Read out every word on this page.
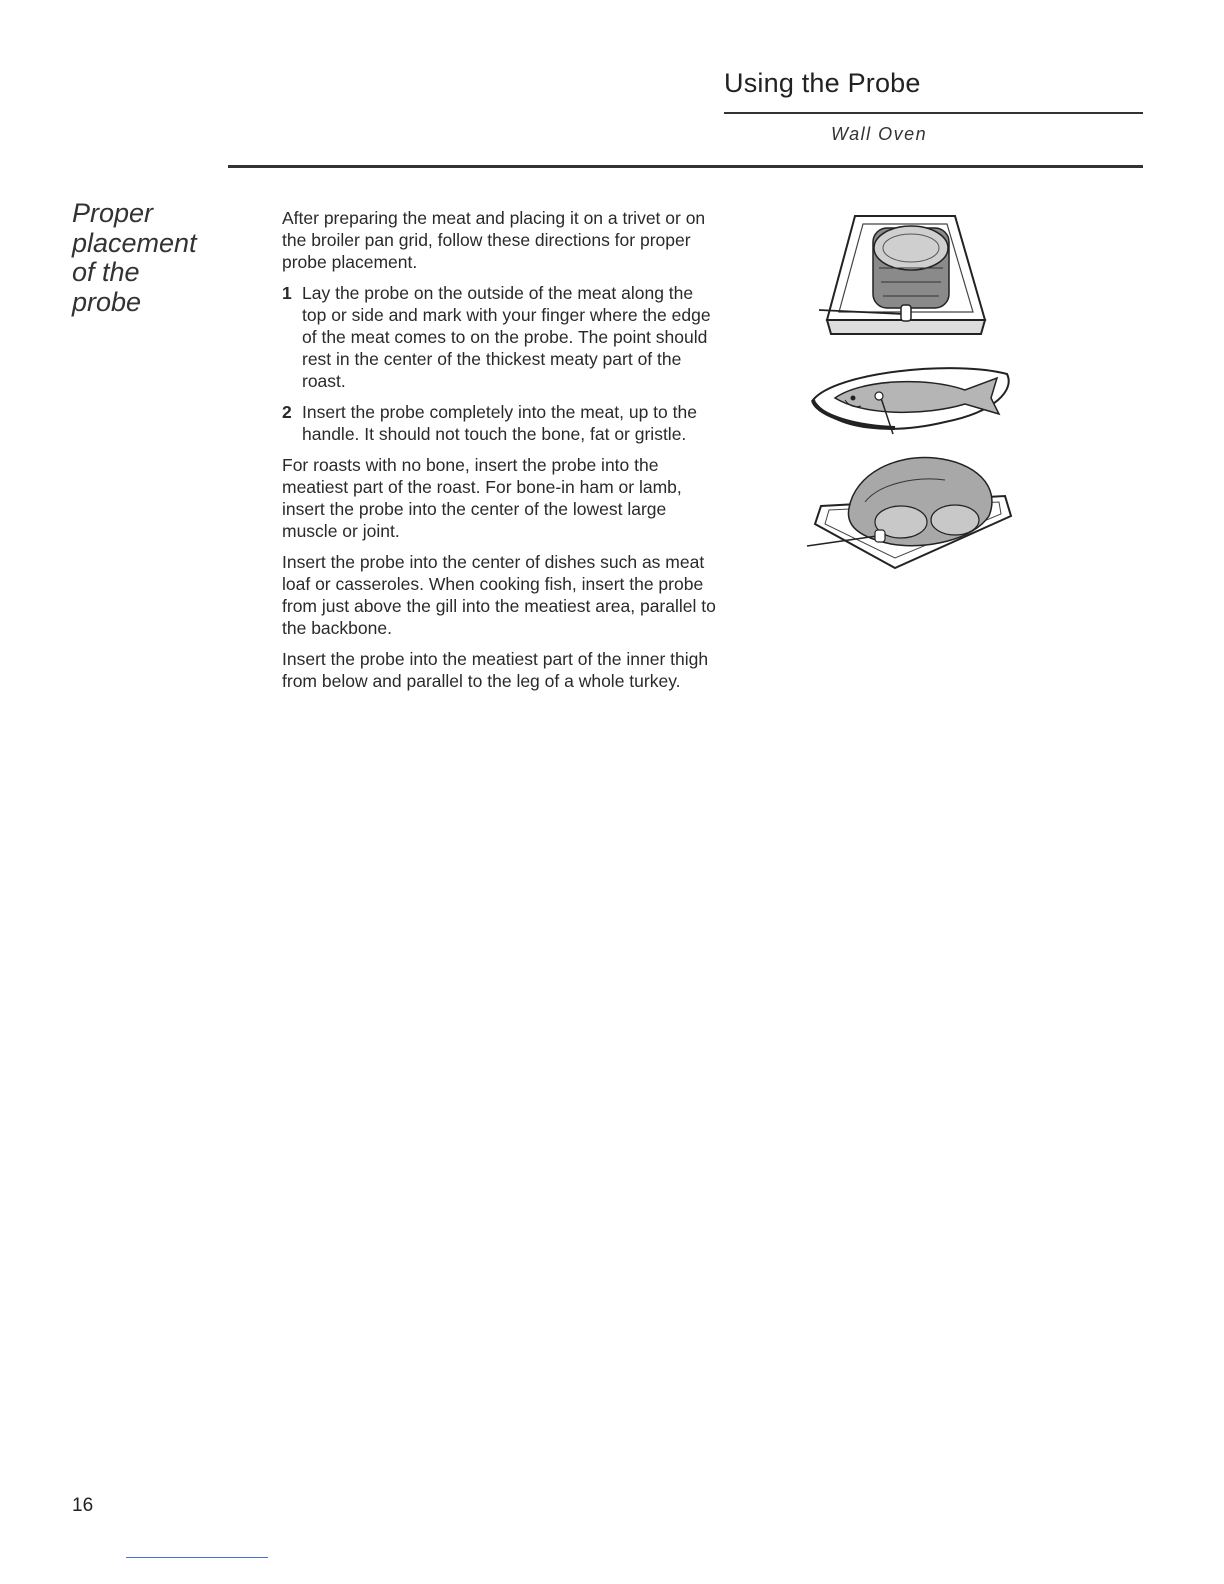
Using the Probe
Wall Oven
Proper
placement
of the
probe

After preparing the meat and placing it on a trivet or on the broiler pan grid, follow these directions for proper probe placement.

1 Lay the probe on the outside of the meat along the top or side and mark with your finger where the edge of the meat comes to on the probe. The point should rest in the center of the thickest meaty part of the roast.
2 Insert the probe completely into the meat, up to the handle. It should not touch the bone, fat or gristle.

For roasts with no bone, insert the probe into the meatiest part of the roast. For bone-in ham or lamb, insert the probe into the center of the lowest large muscle or joint.

Insert the probe into the center of dishes such as meat loaf or casseroles. When cooking fish, insert the probe from just above the gill into the meatiest area, parallel to the backbone.

Insert the probe into the meatiest part of the inner thigh from below and parallel to the leg of a whole turkey.

16
